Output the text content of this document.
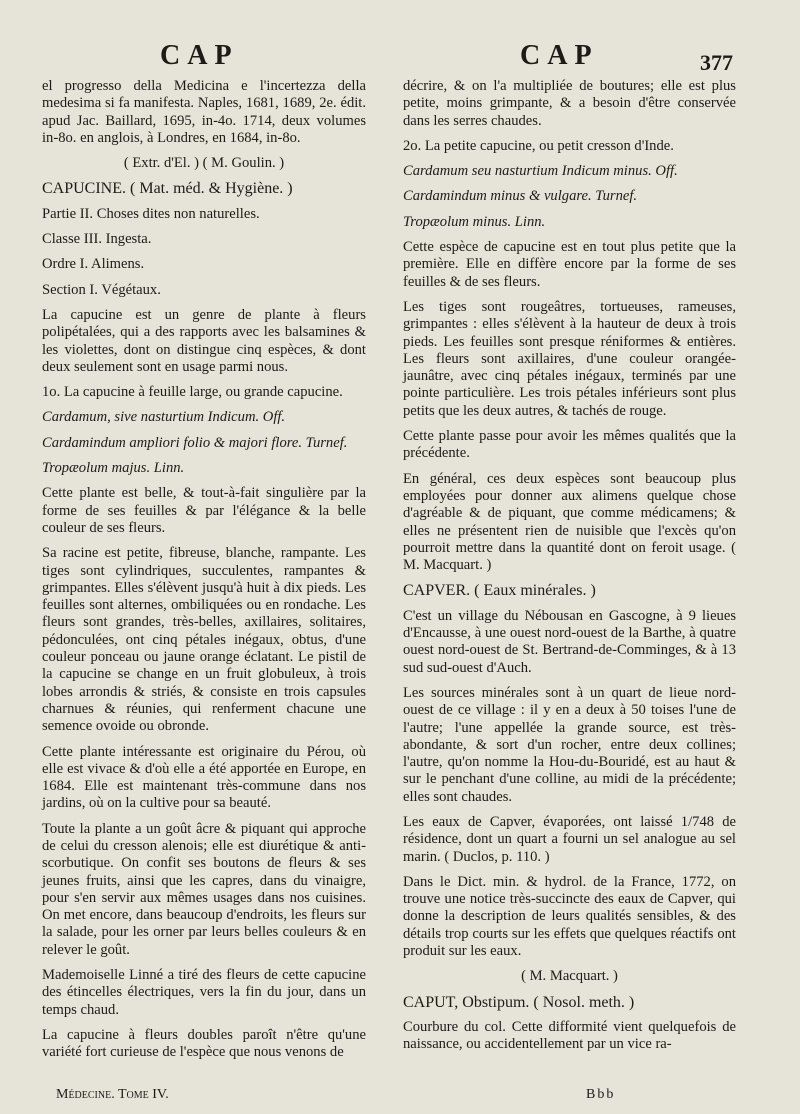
CAP	CAP	377

el progresso della Medicina e l'incertezza della medesima si fa manifesta. Naples, 1681, 1689, 2e. édit. apud Jac. Baillard, 1695, in-4o. 1714, deux volumes in-8o. en anglois, à Londres, en 1684, in-8o.

( Extr. d'El. ) ( M. Goulin. )

CAPUCINE. ( Mat. méd. & Hygiène. )

Partie II. Choses dites non naturelles.

Classe III. Ingesta.

Ordre I. Alimens.

Section I. Végétaux.

La capucine est un genre de plante à fleurs polipétalées, qui a des rapports avec les balsamines & les violettes, dont on distingue cinq espèces, & dont deux seulement sont en usage parmi nous.

1o. La capucine à feuille large, ou grande capucine.

Cardamum, sive nasturtium Indicum. Off.

Cardamindum ampliori folio & majori flore. Turnef.

Tropæolum majus. Linn.

Cette plante est belle, & tout-à-fait singulière par la forme de ses feuilles & par l'élégance & la belle couleur de ses fleurs.

Sa racine est petite, fibreuse, blanche, rampante. Les tiges sont cylindriques, succulentes, rampantes & grimpantes. Elles s'élèvent jusqu'à huit à dix pieds. Les feuilles sont alternes, ombiliquées ou en rondache. Les fleurs sont grandes, très-belles, axillaires, solitaires, pédonculées, ont cinq pétales inégaux, obtus, d'une couleur ponceau ou jaune orange éclatant. Le pistil de la capucine se change en un fruit globuleux, à trois lobes arrondis & striés, & consiste en trois capsules charnues & réunies, qui renferment chacune une semence ovoide ou obronde.

Cette plante intéressante est originaire du Pérou, où elle est vivace & d'où elle a été apportée en Europe, en 1684. Elle est maintenant très-commune dans nos jardins, où on la cultive pour sa beauté.

Toute la plante a un goût âcre & piquant qui approche de celui du cresson alenois; elle est diurétique & anti-scorbutique. On confit ses boutons de fleurs & ses jeunes fruits, ainsi que les capres, dans du vinaigre, pour s'en servir aux mêmes usages dans nos cuisines. On met encore, dans beaucoup d'endroits, les fleurs sur la salade, pour les orner par leurs belles couleurs & en relever le goût.

Mademoiselle Linné a tiré des fleurs de cette capucine des étincelles électriques, vers la fin du jour, dans un temps chaud.

La capucine à fleurs doubles paroît n'être qu'une variété fort curieuse de l'espèce que nous venons de

décrire, & on l'a multipliée de boutures; elle est plus petite, moins grimpante, & a besoin d'être conservée dans les serres chaudes.

2o. La petite capucine, ou petit cresson d'Inde.

Cardamum seu nasturtium Indicum minus. Off.

Cardamindum minus & vulgare. Turnef.

Tropæolum minus. Linn.

Cette espèce de capucine est en tout plus petite que la première. Elle en diffère encore par la forme de ses feuilles & de ses fleurs.

Les tiges sont rougeâtres, tortueuses, rameuses, grimpantes : elles s'élèvent à la hauteur de deux à trois pieds. Les feuilles sont presque réniformes & entières. Les fleurs sont axillaires, d'une couleur orangée-jaunâtre, avec cinq pétales inégaux, terminés par une pointe particulière. Les trois pétales inférieurs sont plus petits que les deux autres, & tachés de rouge.

Cette plante passe pour avoir les mêmes qualités que la précédente.

En général, ces deux espèces sont beaucoup plus employées pour donner aux alimens quelque chose d'agréable & de piquant, que comme médicamens; & elles ne présentent rien de nuisible que l'excès qu'on pourroit mettre dans la quantité dont on feroit usage. ( M. Macquart. )

CAPVER. ( Eaux minérales. )

C'est un village du Nébousan en Gascogne, à 9 lieues d'Encausse, à une ouest nord-ouest de la Barthe, à quatre ouest nord-ouest de St. Bertrand-de-Comminges, & à 13 sud sud-ouest d'Auch.

Les sources minérales sont à un quart de lieue nord-ouest de ce village : il y en a deux à 50 toises l'une de l'autre; l'une appellée la grande source, est très-abondante, & sort d'un rocher, entre deux collines; l'autre, qu'on nomme la Hou-du-Bouridé, est au haut & sur le penchant d'une colline, au midi de la précédente; elles sont chaudes.

Les eaux de Capver, évaporées, ont laissé 1/748 de résidence, dont un quart a fourni un sel analogue au sel marin. ( Duclos, p. 110. )

Dans le Dict. min. & hydrol. de la France, 1772, on trouve une notice très-succincte des eaux de Capver, qui donne la description de leurs qualités sensibles, & des détails trop courts sur les effets que quelques réactifs ont produit sur les eaux.

( M. Macquart. )

CAPUT, Obstipum. ( Nosol. meth. )

Courbure du col. Cette difformité vient quelquefois de naissance, ou accidentellement par un vice ra-

Médecine. Tome IV.	Bbb
